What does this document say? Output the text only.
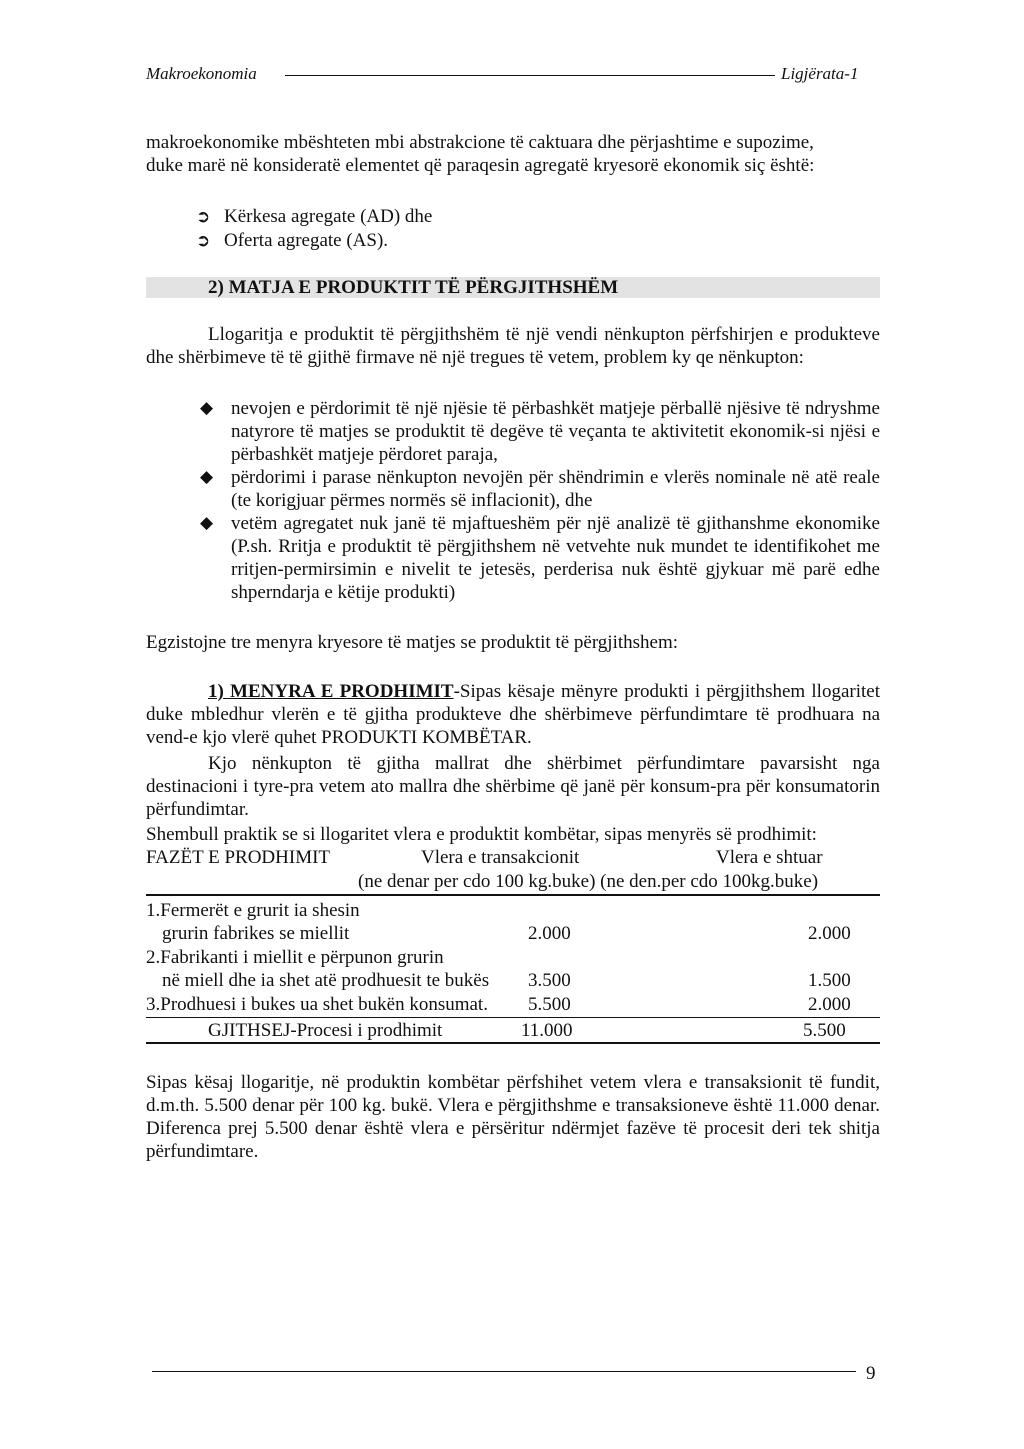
Makroekonomia	Ligjërata-1
makroekonomike mbështeten mbi abstrakcione të caktuara dhe përjashtime e supozime,
duke marë në konsideratë elementet që paraqesin agregatë kryesorë ekonomik siç është:
➲ Kërkesa agregate (AD) dhe
➲ Oferta agregate (AS).
2) MATJA E PRODUKTIT TË PËRGJITHSHËM
Llogaritja e produktit të përgjithshëm të një vendi nënkupton përfshirjen e produkteve dhe shërbimeve të të gjithë firmave në një tregues të vetem, problem ky qe nënkupton:
◆ nevojen e përdorimit të një njësie të përbashkët matjeje përballë njësive të ndryshme natyrore të matjes se produktit të degëve të veçanta te aktivitetit ekonomik-si njësi e përbashkët matjeje përdoret paraja,
◆ përdorimi i parase nënkupton nevojën për shëndrimin e vlerës nominale në atë reale (te korigjuar përmes normës së inflacionit), dhe
◆ vetëm agregatet nuk janë të mjaftueshëm për një analizë të gjithanshme ekonomike (P.sh. Rritja e produktit të përgjithshem në vetvehte nuk mundet te identifikohet me rritjen-permirsimin e nivelit te jetesës, perderisa nuk është gjykuar më parë edhe shperndarja e këtije produkti)
Egzistojne tre menyra kryesore të matjes se produktit të përgjithshem:
1) MENYRA E PRODHIMIT-Sipas kësaje mënyre produkti i përgjithshem llogaritet duke mbledhur vlerën e të gjitha produkteve dhe shërbimeve përfundimtare të prodhuara na vend-e kjo vlerë quhet PRODUKTI KOMBËTAR.
Kjo nënkupton të gjitha mallrat dhe shërbimet përfundimtare pavarsisht nga destinacioni i tyre-pra vetem ato mallra dhe shërbime që janë për konsum-pra për konsumatorin përfundimtar.
Shembull praktik se si llogaritet vlera e produktit kombëtar, sipas menyrës së prodhimit:
FAZËT E PRODHIMIT	Vlera e transakcionit	Vlera e shtuar
(ne denar per cdo 100 kg.buke) (ne den.per cdo 100kg.buke)
1.Fermerët e grurit ia shesin
grurin fabrikes se miellit	2.000	2.000
2.Fabrikanti i miellit e përpunon grurin
në miell dhe ia shet atë prodhuesit te bukës 3.500	1.500
3.Prodhuesi i bukes ua shet bukën konsumat. 5.500	2.000
GJITHSEJ-Procesi i prodhimit	11.000	5.500
Sipas kësaj llogaritje, në produktin kombëtar përfshihet vetem vlera e transaksionit të fundit, d.m.th. 5.500 denar për 100 kg. bukë. Vlera e përgjithshme e transaksioneve është 11.000 denar. Diferenca prej 5.500 denar është vlera e përsëritur ndërmjet fazëve të procesit deri tek shitja përfundimtare.
9
